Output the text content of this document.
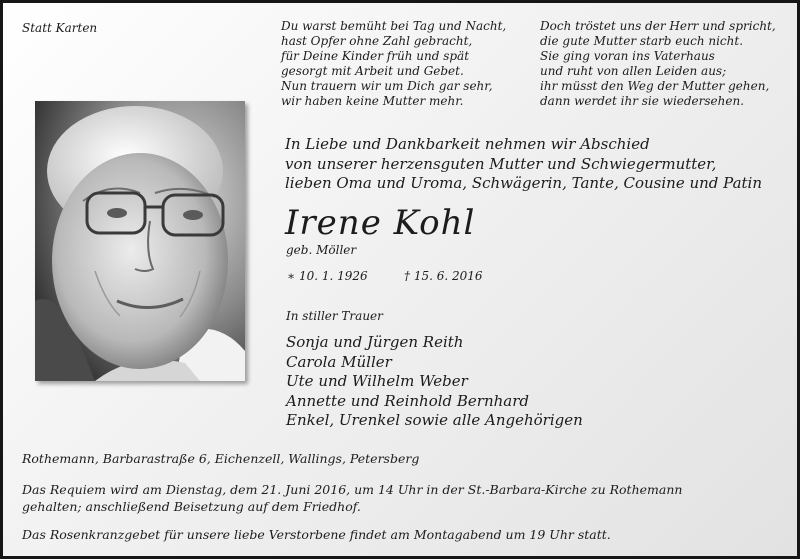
Statt Karten	Du warst bemüht bei Tag und Nacht,
hast Opfer ohne Zahl gebracht,
für Deine Kinder früh und spät
gesorgt mit Arbeit und Gebet.
Nun trauern wir um Dich gar sehr,
wir haben keine Mutter mehr.
Doch tröstet uns der Herr und spricht,
die gute Mutter starb euch nicht.
Sie ging voran ins Vaterhaus
und ruht von allen Leiden aus;
ihr müsst den Weg der Mutter gehen,
dann werdet ihr sie wiedersehen.
In Liebe und Dankbarkeit nehmen wir Abschied
von unserer herzensguten Mutter und Schwiegermutter,
lieben Oma und Uroma, Schwägerin, Tante, Cousine und Patin
Irene Kohl
geb. Möller
∗ 10. 1. 1926	† 15. 6. 2016
In stiller Trauer
Sonja und Jürgen Reith
Carola Müller
Ute und Wilhelm Weber
Annette und Reinhold Bernhard
Enkel, Urenkel sowie alle Angehörigen
Rothemann, Barbarastraße 6, Eichenzell, Wallings, Petersberg
Das Requiem wird am Dienstag, dem 21. Juni 2016, um 14 Uhr in der St.-Barbara-Kirche zu Rothemann
gehalten; anschließend Beisetzung auf dem Friedhof.
Das Rosenkranzgebet für unsere liebe Verstorbene findet am Montagabend um 19 Uhr statt.
